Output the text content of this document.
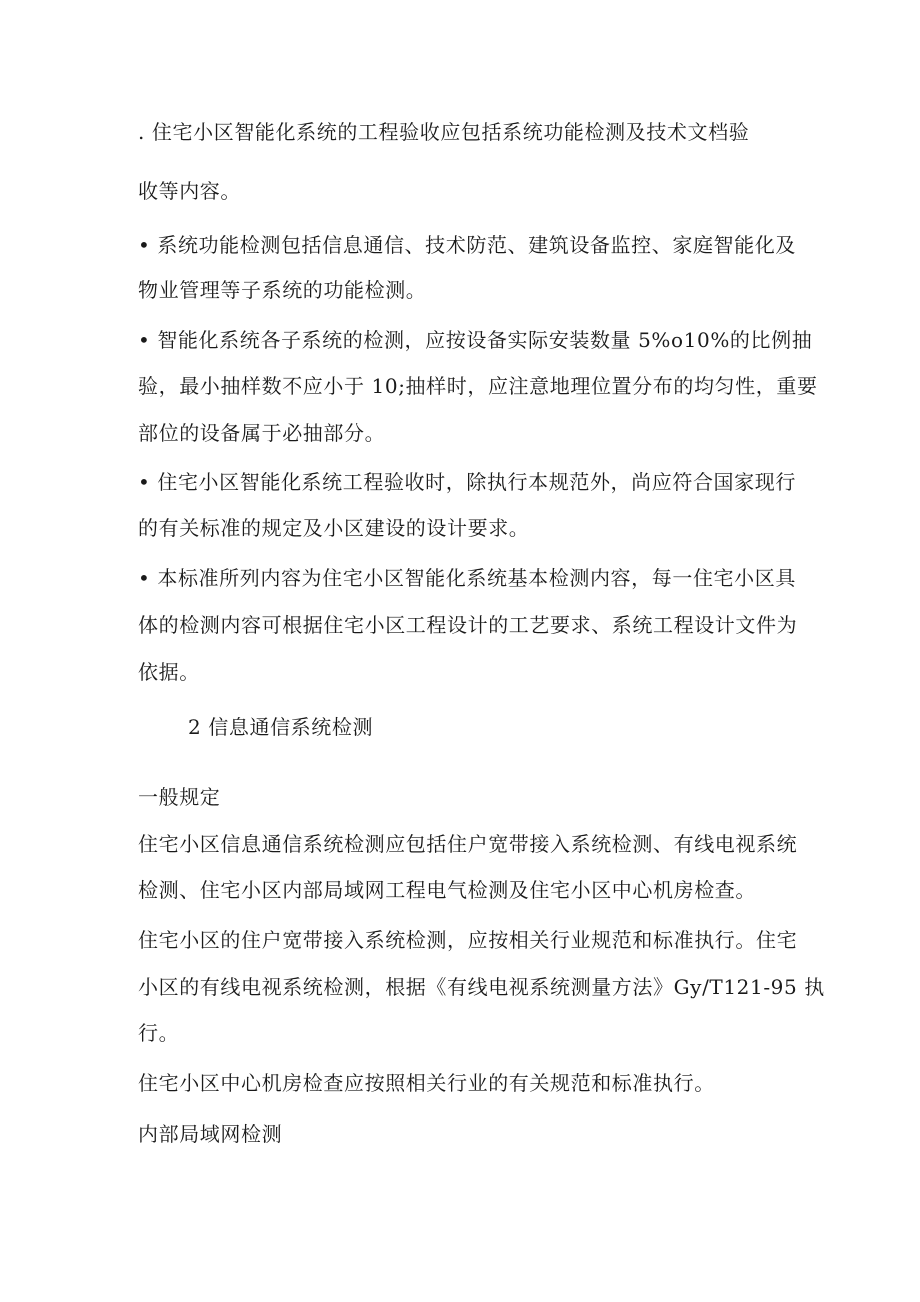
. 住宅小区智能化系统的工程验收应包括系统功能检测及技术文档验
收等内容。
• 系统功能检测包括信息通信、技术防范、建筑设备监控、家庭智能化及
物业管理等子系统的功能检测。
• 智能化系统各子系统的检测，应按设备实际安装数量 5%o10%的比例抽
验，最小抽样数不应小于 10;抽样时，应注意地理位置分布的均匀性，重要
部位的设备属于必抽部分。
• 住宅小区智能化系统工程验收时，除执行本规范外，尚应符合国家现行
的有关标准的规定及小区建设的设计要求。
• 本标准所列内容为住宅小区智能化系统基本检测内容，每一住宅小区具
体的检测内容可根据住宅小区工程设计的工艺要求、系统工程设计文件为
依据。
2 信息通信系统检测
一般规定
住宅小区信息通信系统检测应包括住户宽带接入系统检测、有线电视系统
检测、住宅小区内部局域网工程电气检测及住宅小区中心机房检查。
住宅小区的住户宽带接入系统检测，应按相关行业规范和标准执行。住宅
小区的有线电视系统检测，根据《有线电视系统测量方法》Gy/T121-95 执
行。
住宅小区中心机房检查应按照相关行业的有关规范和标准执行。
内部局域网检测
